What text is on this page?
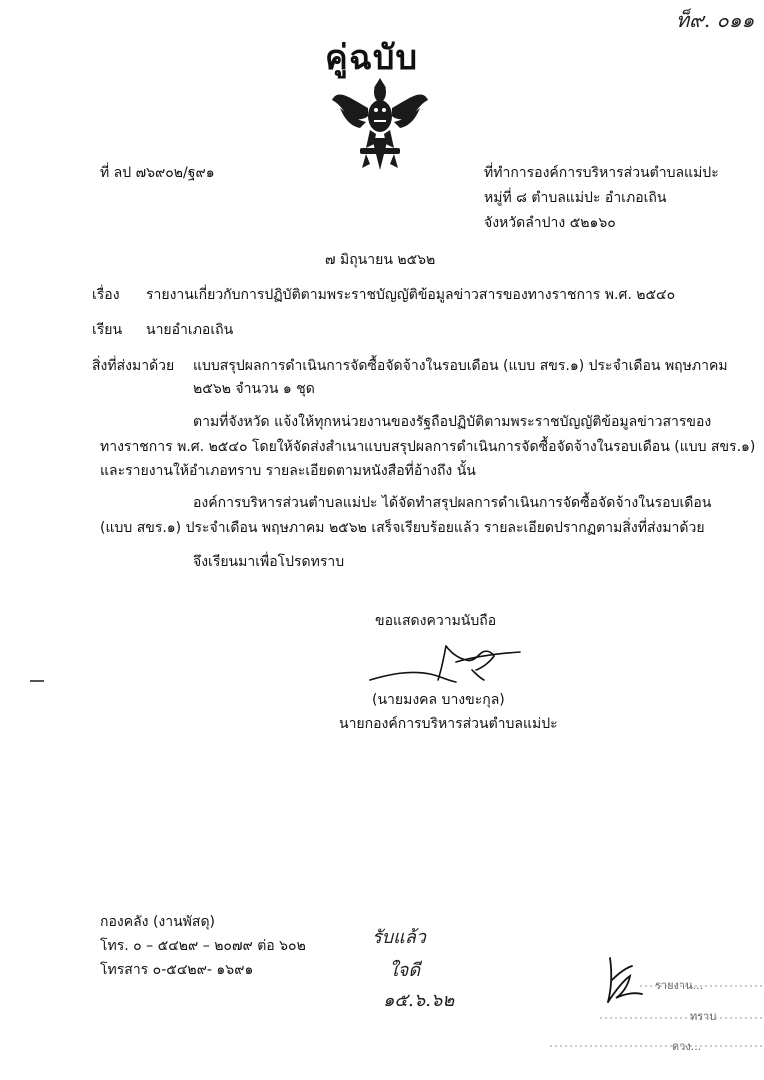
ท็๙. ๐๑๑
คู่ฉบับ
ที่ ลป ๗๖๙๐๒/ฐ๙๑	ที่ทำการองค์การบริหารส่วนตำบลแม่ปะ
หมู่ที่ ๘ ตำบลแม่ปะ อำเภอเถิน
จังหวัดลำปาง ๕๒๑๖๐
๗ มิถุนายน ๒๕๖๒
เรื่อง รายงานเกี่ยวกับการปฏิบัติตามพระราชบัญญัติข้อมูลข่าวสารของทางราชการ พ.ศ. ๒๕๔๐
เรียน นายอำเภอเถิน
สิ่งที่ส่งมาด้วย แบบสรุปผลการดำเนินการจัดซื้อจัดจ้างในรอบเดือน (แบบ สขร.๑) ประจำเดือน พฤษภาคม
๒๕๖๒ จำนวน ๑ ชุด
ตามที่จังหวัด แจ้งให้ทุกหน่วยงานของรัฐถือปฏิบัติตามพระราชบัญญัติข้อมูลข่าวสารของ
ทางราชการ พ.ศ. ๒๕๔๐ โดยให้จัดส่งสำเนาแบบสรุปผลการดำเนินการจัดซื้อจัดจ้างในรอบเดือน (แบบ สขร.๑)
และรายงานให้อำเภอทราบ รายละเอียดตามหนังสือที่อ้างถึง นั้น
องค์การบริหารส่วนตำบลแม่ปะ ได้จัดทำสรุปผลการดำเนินการจัดซื้อจัดจ้างในรอบเดือน
(แบบ สขร.๑) ประจำเดือน พฤษภาคม ๒๕๖๒ เสร็จเรียบร้อยแล้ว รายละเอียดปรากฏตามสิ่งที่ส่งมาด้วย
จึงเรียนมาเพื่อโปรดทราบ
ขอแสดงความนับถือ
(นายมงคล บางขะกุล)
นายกองค์การบริหารส่วนตำบลแม่ปะ
กองคลัง (งานพัสดุ)
โทร. ๐ – ๕๔๒๙ – ๒๐๗๙ ต่อ ๖๐๒
โทรสาร ๐-๕๔๒๙- ๑๖๙๑
รับแล้ว
ใจดี
๑๕.๖.๖๒
รายงาน...
ทราบ
ดวง...
